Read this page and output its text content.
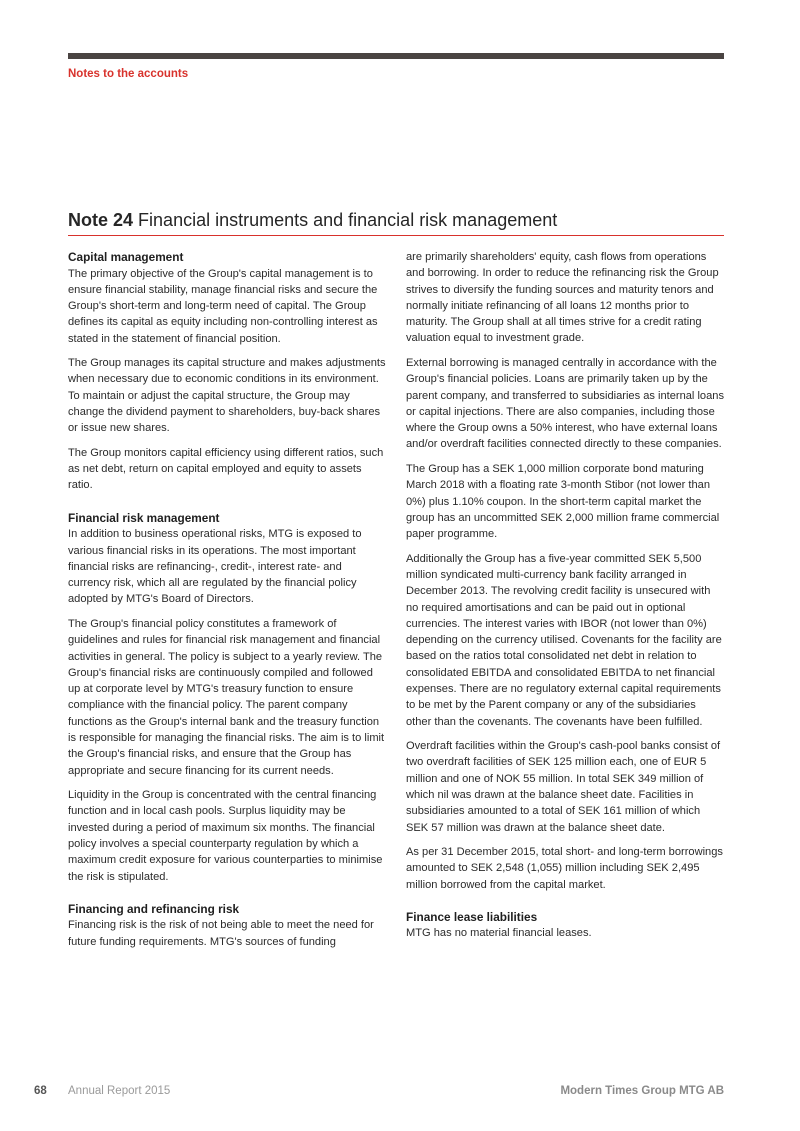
Notes to the accounts
Note 24 Financial instruments and financial risk management
Capital management

The primary objective of the Group's capital management is to ensure financial stability, manage financial risks and secure the Group's short-term and long-term need of capital. The Group defines its capital as equity including non-controlling interest as stated in the statement of financial position.

The Group manages its capital structure and makes adjustments when necessary due to economic conditions in its environment. To maintain or adjust the capital structure, the Group may change the dividend payment to shareholders, buy-back shares or issue new shares.

The Group monitors capital efficiency using different ratios, such as net debt, return on capital employed and equity to assets ratio.

Financial risk management

In addition to business operational risks, MTG is exposed to various financial risks in its operations. The most important financial risks are refinancing-, credit-, interest rate- and currency risk, which all are regulated by the financial policy adopted by MTG's Board of Directors.

The Group's financial policy constitutes a framework of guidelines and rules for financial risk management and financial activities in general. The policy is subject to a yearly review. The Group's financial risks are continuously compiled and followed up at corporate level by MTG's treasury function to ensure compliance with the financial policy. The parent company functions as the Group's internal bank and the treasury function is responsible for managing the financial risks. The aim is to limit the Group's financial risks, and ensure that the Group has appropriate and secure financing for its current needs.

Liquidity in the Group is concentrated with the central financing function and in local cash pools. Surplus liquidity may be invested during a period of maximum six months. The financial policy involves a special counterparty regulation by which a maximum credit exposure for various counterparties to minimise the risk is stipulated.

Financing and refinancing risk

Financing risk is the risk of not being able to meet the need for future funding requirements. MTG's sources of funding

are primarily shareholders' equity, cash flows from operations and borrowing. In order to reduce the refinancing risk the Group strives to diversify the funding sources and maturity tenors and normally initiate refinancing of all loans 12 months prior to maturity. The Group shall at all times strive for a credit rating valuation equal to investment grade.

External borrowing is managed centrally in accordance with the Group's financial policies. Loans are primarily taken up by the parent company, and transferred to subsidiaries as internal loans or capital injections. There are also companies, including those where the Group owns a 50% interest, who have external loans and/or overdraft facilities connected directly to these companies.

The Group has a SEK 1,000 million corporate bond maturing March 2018 with a floating rate 3-month Stibor (not lower than 0%) plus 1.10% coupon. In the short-term capital market the group has an uncommitted SEK 2,000 million frame commercial paper programme.

Additionally the Group has a five-year committed SEK 5,500 million syndicated multi-currency bank facility arranged in December 2013. The revolving credit facility is unsecured with no required amortisations and can be paid out in optional currencies. The interest varies with IBOR (not lower than 0%) depending on the currency utilised. Covenants for the facility are based on the ratios total consolidated net debt in relation to consolidated EBITDA and consolidated EBITDA to net financial expenses. There are no regulatory external capital requirements to be met by the Parent company or any of the subsidiaries other than the covenants. The covenants have been fulfilled.

Overdraft facilities within the Group's cash-pool banks consist of two overdraft facilities of SEK 125 million each, one of EUR 5 million and one of NOK 55 million. In total SEK 349 million of which nil was drawn at the balance sheet date. Facilities in subsidiaries amounted to a total of SEK 161 million of which SEK 57 million was drawn at the balance sheet date.

As per 31 December 2015, total short- and long-term borrowings amounted to SEK 2,548 (1,055) million including SEK 2,495 million borrowed from the capital market.

Finance lease liabilities

MTG has no material financial leases.

68 Annual Report 2015	Modern Times Group MTG AB
